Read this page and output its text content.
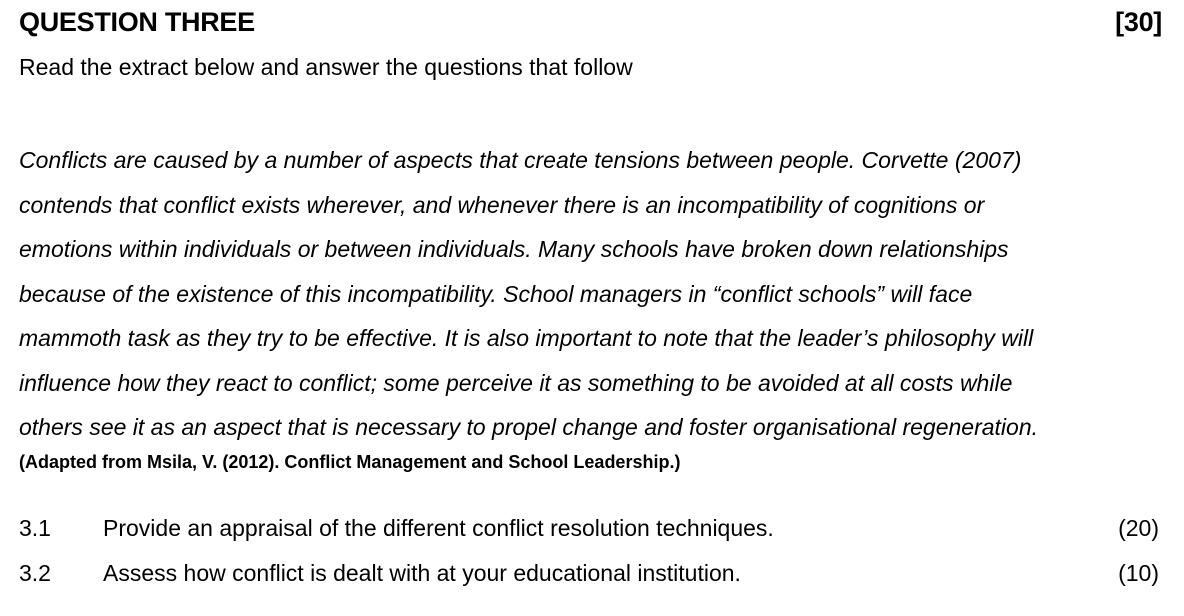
QUESTION THREE	[30]
Read the extract below and answer the questions that follow
Conflicts are caused by a number of aspects that create tensions between people. Corvette (2007)
contends that conflict exists wherever, and whenever there is an incompatibility of cognitions or
emotions within individuals or between individuals. Many schools have broken down relationships
because of the existence of this incompatibility. School managers in “conflict schools” will face
mammoth task as they try to be effective. It is also important to note that the leader’s philosophy will
influence how they react to conflict; some perceive it as something to be avoided at all costs while
others see it as an aspect that is necessary to propel change and foster organisational regeneration.
(Adapted from Msila, V. (2012). Conflict Management and School Leadership.)
3.1 Provide an appraisal of the different conflict resolution techniques.	(20)
3.2 Assess how conflict is dealt with at your educational institution.	(10)
